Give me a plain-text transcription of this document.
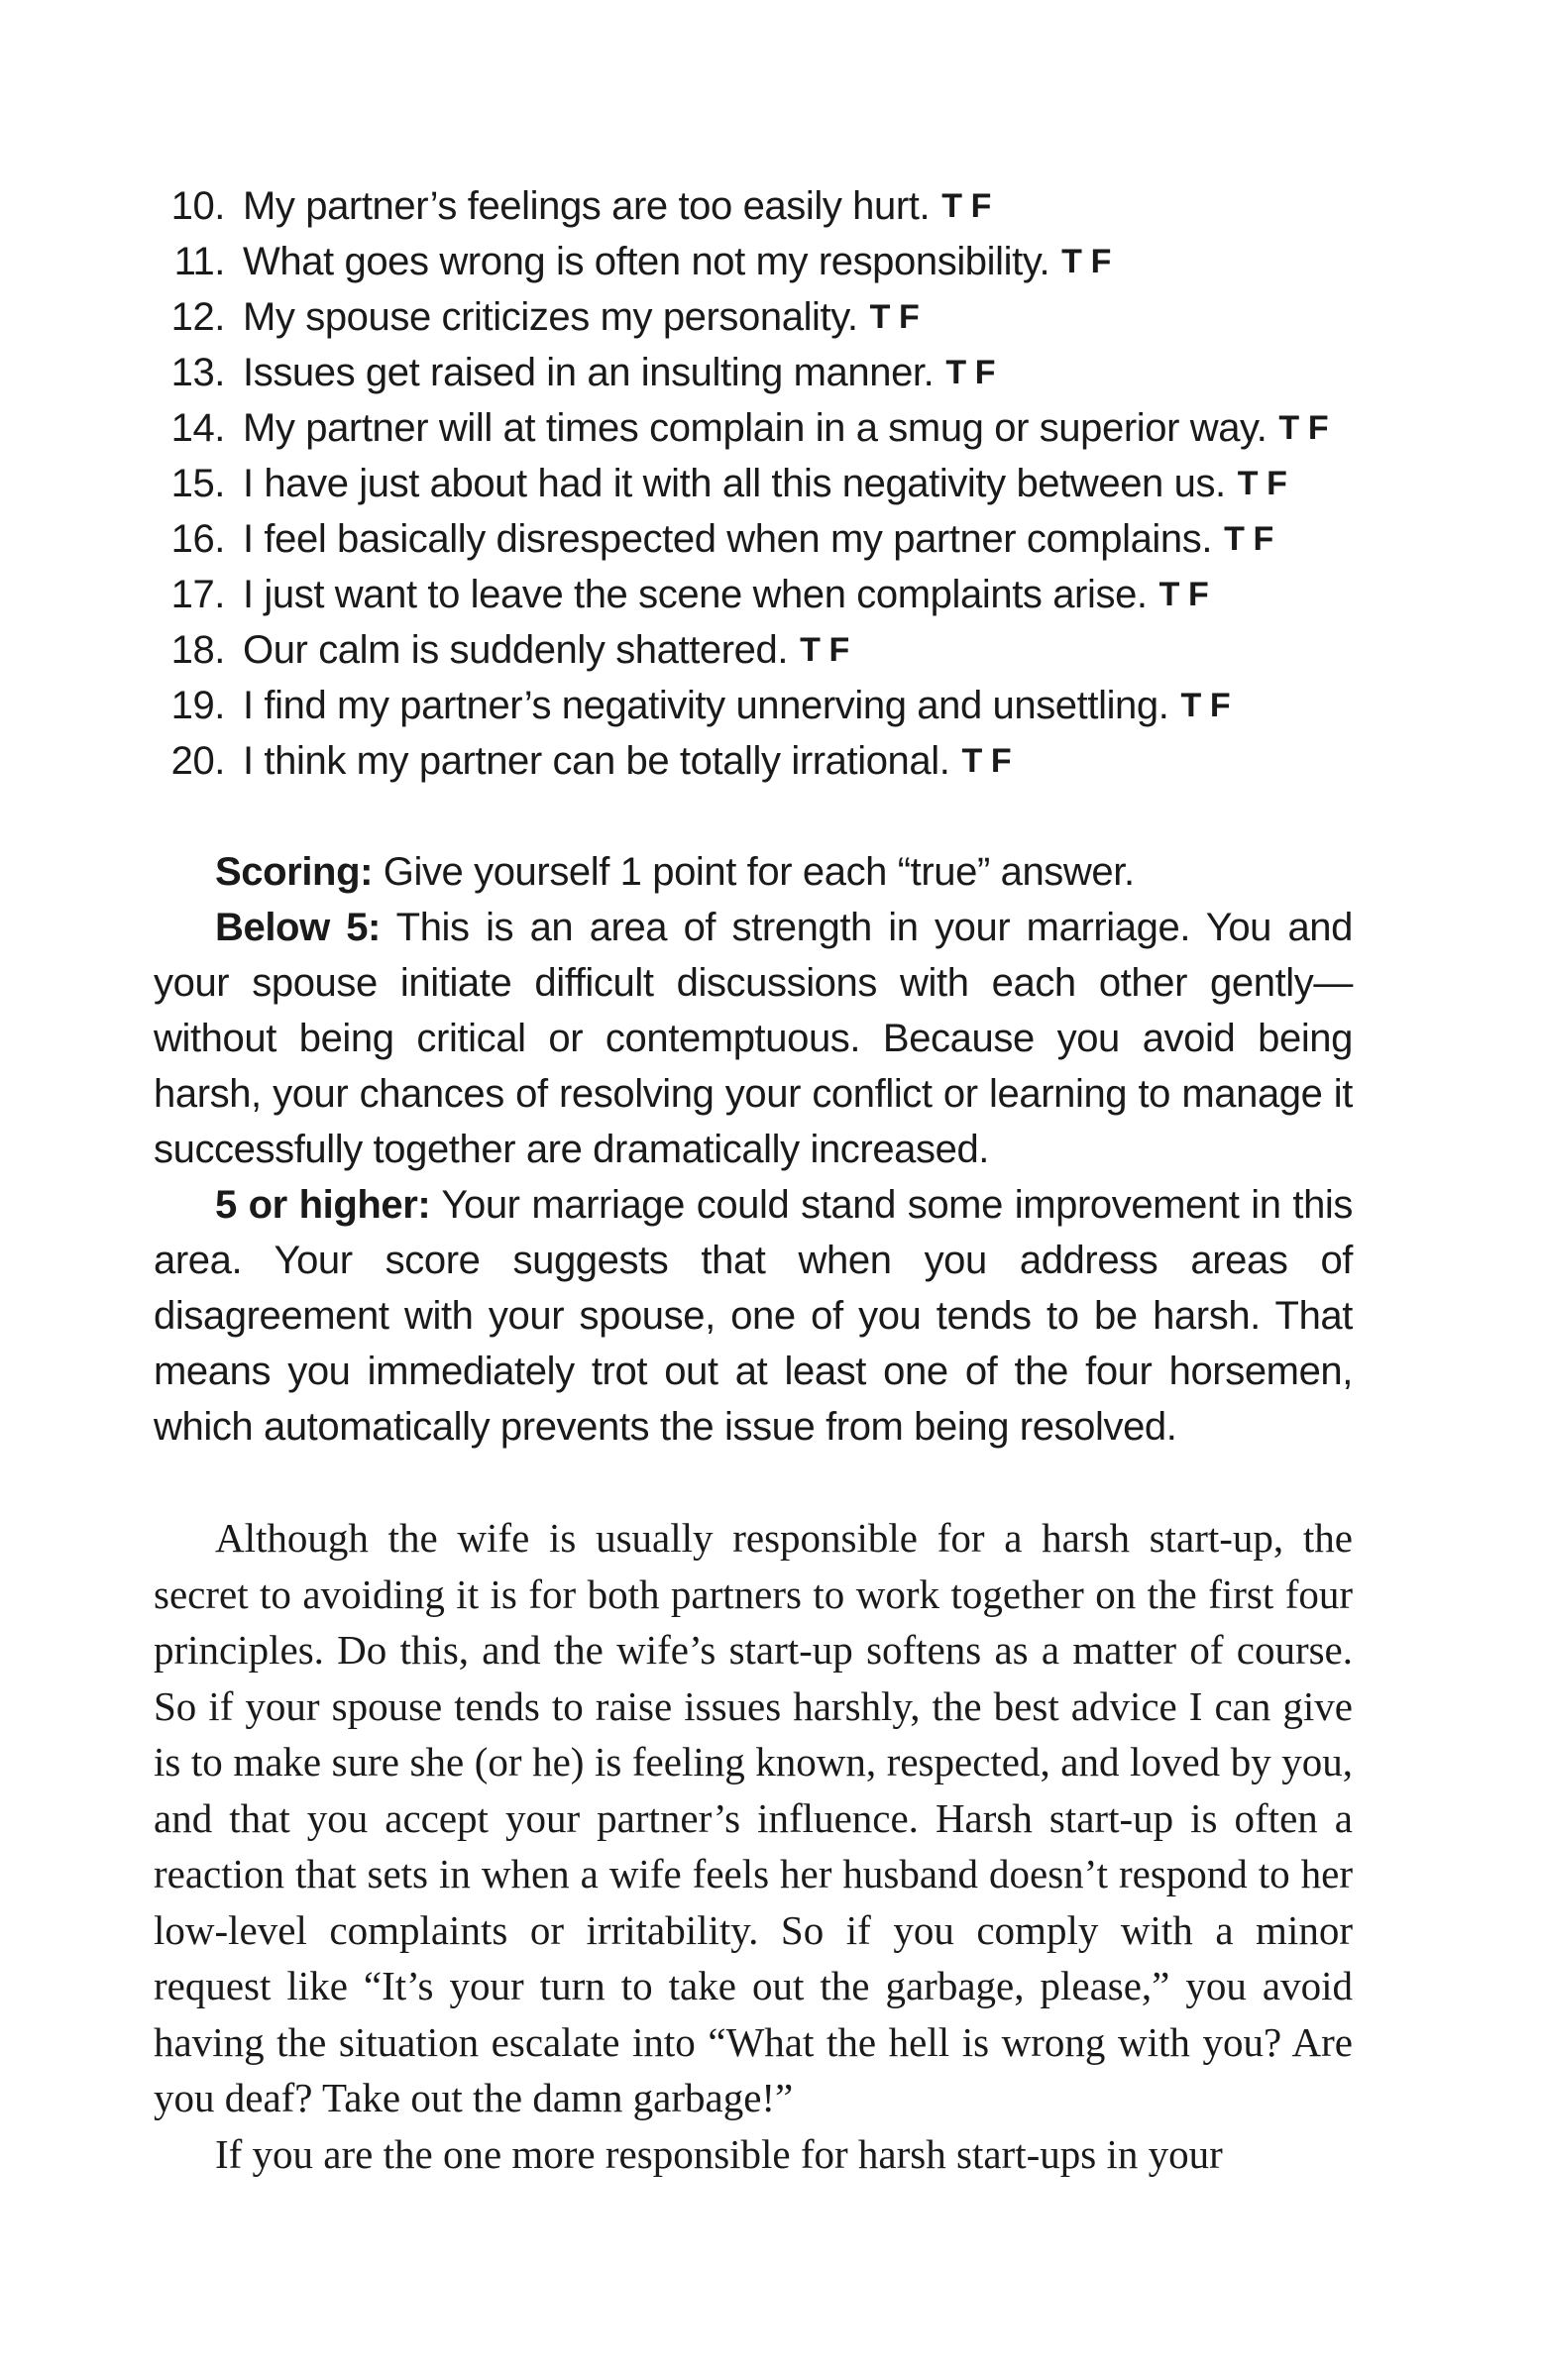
10. My partner’s feelings are too easily hurt. T F
11. What goes wrong is often not my responsibility. T F
12. My spouse criticizes my personality. T F
13. Issues get raised in an insulting manner. T F
14. My partner will at times complain in a smug or superior way. T F
15. I have just about had it with all this negativity between us. T F
16. I feel basically disrespected when my partner complains. T F
17. I just want to leave the scene when complaints arise. T F
18. Our calm is suddenly shattered. T F
19. I find my partner’s negativity unnerving and unsettling. T F
20. I think my partner can be totally irrational. T F

Scoring: Give yourself 1 point for each “true” answer.

Below 5: This is an area of strength in your marriage. You and your spouse initiate difficult discussions with each other gently—without being critical or contemptuous. Because you avoid being harsh, your chances of resolving your conflict or learning to manage it successfully together are dramatically increased.

5 or higher: Your marriage could stand some improvement in this area. Your score suggests that when you address areas of disagreement with your spouse, one of you tends to be harsh. That means you immediately trot out at least one of the four horsemen, which automatically prevents the issue from being resolved.

Although the wife is usually responsible for a harsh start-up, the secret to avoiding it is for both partners to work together on the first four principles. Do this, and the wife’s start-up softens as a matter of course. So if your spouse tends to raise issues harshly, the best advice I can give is to make sure she (or he) is feeling known, respected, and loved by you, and that you accept your partner’s influence. Harsh start-up is often a reaction that sets in when a wife feels her husband doesn’t respond to her low-level complaints or irritability. So if you comply with a minor request like “It’s your turn to take out the garbage, please,” you avoid having the situation escalate into “What the hell is wrong with you? Are you deaf? Take out the damn garbage!”

If you are the one more responsible for harsh start-ups in your
